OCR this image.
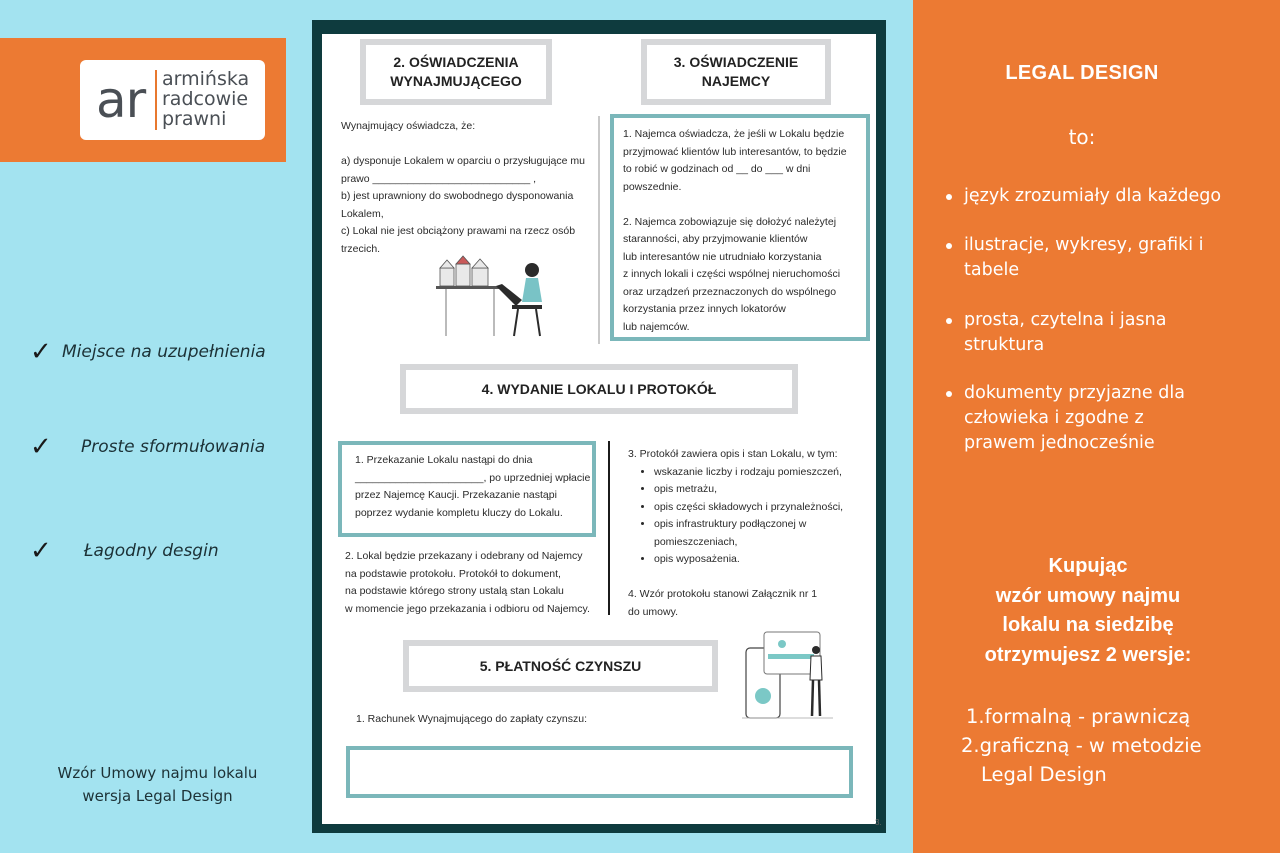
ar armińska
radcowie
prawni
✓ Miejsce na uzupełnienia
✓ Proste sformułowania
✓ Łagodny desgin
Wzór Umowy najmu lokalu
wersja Legal Design
2. OŚWIADCZENIA
WYNAJMUJĄCEGO
Wynajmujący oświadcza, że:

a) dysponuje Lokalem w oparciu o przysługujące mu
prawo ___________________________ ,
b) jest uprawniony do swobodnego dysponowania
Lokalem,
c) Lokal nie jest obciążony prawami na rzecz osób
trzecich.
3. OŚWIADCZENIE
NAJEMCY
1. Najemca oświadcza, że jeśli w Lokalu będzie
przyjmować klientów lub interesantów, to będzie
to robić w godzinach od __ do ___ w dni
powszednie.

2. Najemca zobowiązuje się dołożyć należytej
staranności, aby przyjmowanie klientów
lub interesantów nie utrudniało korzystania
z innych lokali i części wspólnej nieruchomości
oraz urządzeń przeznaczonych do wspólnego
korzystania przez innych lokatorów
lub najemców.
4. WYDANIE LOKALU I PROTOKÓŁ
1. Przekazanie Lokalu nastąpi do dnia
______________________, po uprzedniej wpłacie
przez Najemcę Kaucji. Przekazanie nastąpi
poprzez wydanie kompletu kluczy do Lokalu.
2. Lokal będzie przekazany i odebrany od Najemcy
na podstawie protokołu. Protokół to dokument,
na podstawie którego strony ustalą stan Lokalu
w momencie jego przekazania i odbioru od Najemcy.
3. Protokół zawiera opis i stan Lokalu, w tym:
• wskazanie liczby i rodzaju pomieszczeń,
• opis metrażu,
• opis części składowych i przynależności,
• opis infrastruktury podłączonej w
pomieszczeniach,
• opis wyposażenia.

4. Wzór protokołu stanowi Załącznik nr 1
do umowy.
5. PŁATNOŚĆ CZYNSZU
1. Rachunek Wynajmującego do zapłaty czynszu:
3.
LEGAL DESIGN
to:
język zrozumiały dla każdego
ilustracje, wykresy, grafiki i
tabele
prosta, czytelna i jasna
struktura
dokumenty przyjazne dla
człowieka i zgodne z
prawem jednocześnie
Kupując
wzór umowy najmu
lokalu na siedzibę
otrzymujesz 2 wersje:
1.formalną - prawniczą
2.graficzną - w metodzie
Legal Design
